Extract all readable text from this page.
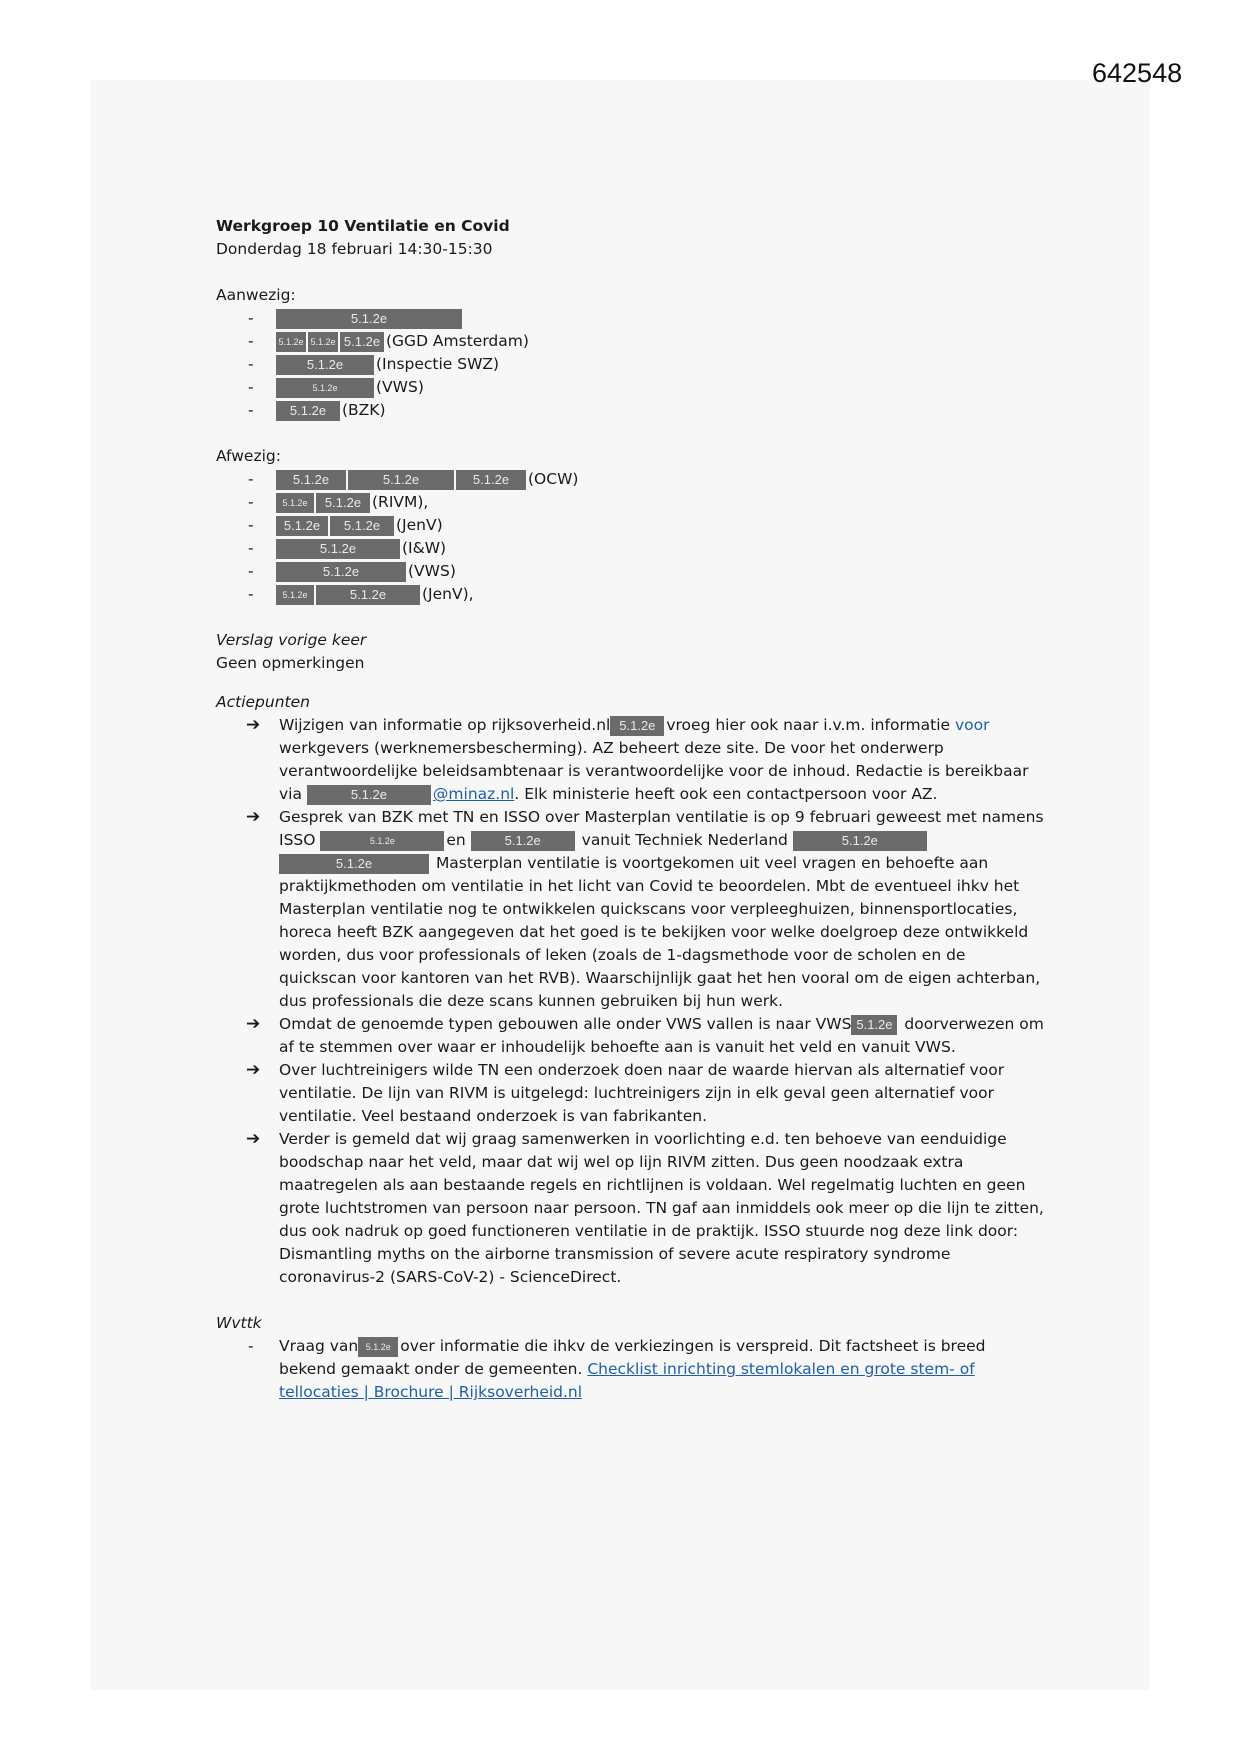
642548
Werkgroep 10 Ventilatie en Covid
Donderdag 18 februari 14:30-15:30
Aanwezig:
-	5.1.2e
-	5.1.2e 5.1.2e 5.1.2e (GGD Amsterdam)
-	5.1.2e (Inspectie SWZ)
-	5.1.2e (VWS)
-	5.1.2e (BZK)
Afwezig:
-	5.1.2e	5.1.2e	5.1.2e (OCW)
-	5.1.2e 5.1.2e (RIVM),
- 5.1.2e 5.1.2e (JenV)
-	5.1.2e	(I&W)
-	5.1.2e	(VWS)
-	5.1.2e	5.1.2e (JenV),
Verslag vorige keer
Geen opmerkingen
Actiepunten
➔ Wijzigen van informatie op rijksoverheid.nl 5.1.2e vroeg hier ook naar i.v.m. informatie voor werkgevers (werknemersbescherming). AZ beheert deze site. De voor het onderwerp verantwoordelijke beleidsambtenaar is verantwoordelijke voor de inhoud. Redactie is bereikbaar via	5.1.2e	@minaz.nl. Elk ministerie heeft ook een contactpersoon voor AZ.
➔ Gesprek van BZK met TN en ISSO over Masterplan ventilatie is op 9 februari geweest met namens ISSO	5.1.2e	en	5.1.2e	vanuit Techniek Nederland	5.1.2e 5.1.2e	Masterplan ventilatie is voortgekomen uit veel vragen en behoefte aan praktijkmethoden om ventilatie in het licht van Covid te beoordelen. Mbt de eventueel ihkv het Masterplan ventilatie nog te ontwikkelen quickscans voor verpleeghuizen, binnensportlocaties, horeca heeft BZK aangegeven dat het goed is te bekijken voor welke doelgroep deze ontwikkeld worden, dus voor professionals of leken (zoals de 1-dagsmethode voor de scholen en de quickscan voor kantoren van het RVB). Waarschijnlijk gaat het hen vooral om de eigen achterban, dus professionals die deze scans kunnen gebruiken bij hun werk.
➔ Omdat de genoemde typen gebouwen alle onder VWS vallen is naar VWS 5.1.2e doorverwezen om af te stemmen over waar er inhoudelijk behoefte aan is vanuit het veld en vanuit VWS.
➔ Over luchtreinigers wilde TN een onderzoek doen naar de waarde hiervan als alternatief voor ventilatie. De lijn van RIVM is uitgelegd: luchtreinigers zijn in elk geval geen alternatief voor ventilatie. Veel bestaand onderzoek is van fabrikanten.
➔ Verder is gemeld dat wij graag samenwerken in voorlichting e.d. ten behoeve van eenduidige boodschap naar het veld, maar dat wij wel op lijn RIVM zitten. Dus geen noodzaak extra maatregelen als aan bestaande regels en richtlijnen is voldaan. Wel regelmatig luchten en geen grote luchtstromen van persoon naar persoon. TN gaf aan inmiddels ook meer op die lijn te zitten, dus ook nadruk op goed functioneren ventilatie in de praktijk. ISSO stuurde nog deze link door: Dismantling myths on the airborne transmission of severe acute respiratory syndrome coronavirus-2 (SARS-CoV-2) - ScienceDirect.
Wvttk
- Vraag van 5.1.2e over informatie die ihkv de verkiezingen is verspreid. Dit factsheet is breed bekend gemaakt onder de gemeenten. Checklist inrichting stemlokalen en grote stem- of tellocaties | Brochure | Rijksoverheid.nl
